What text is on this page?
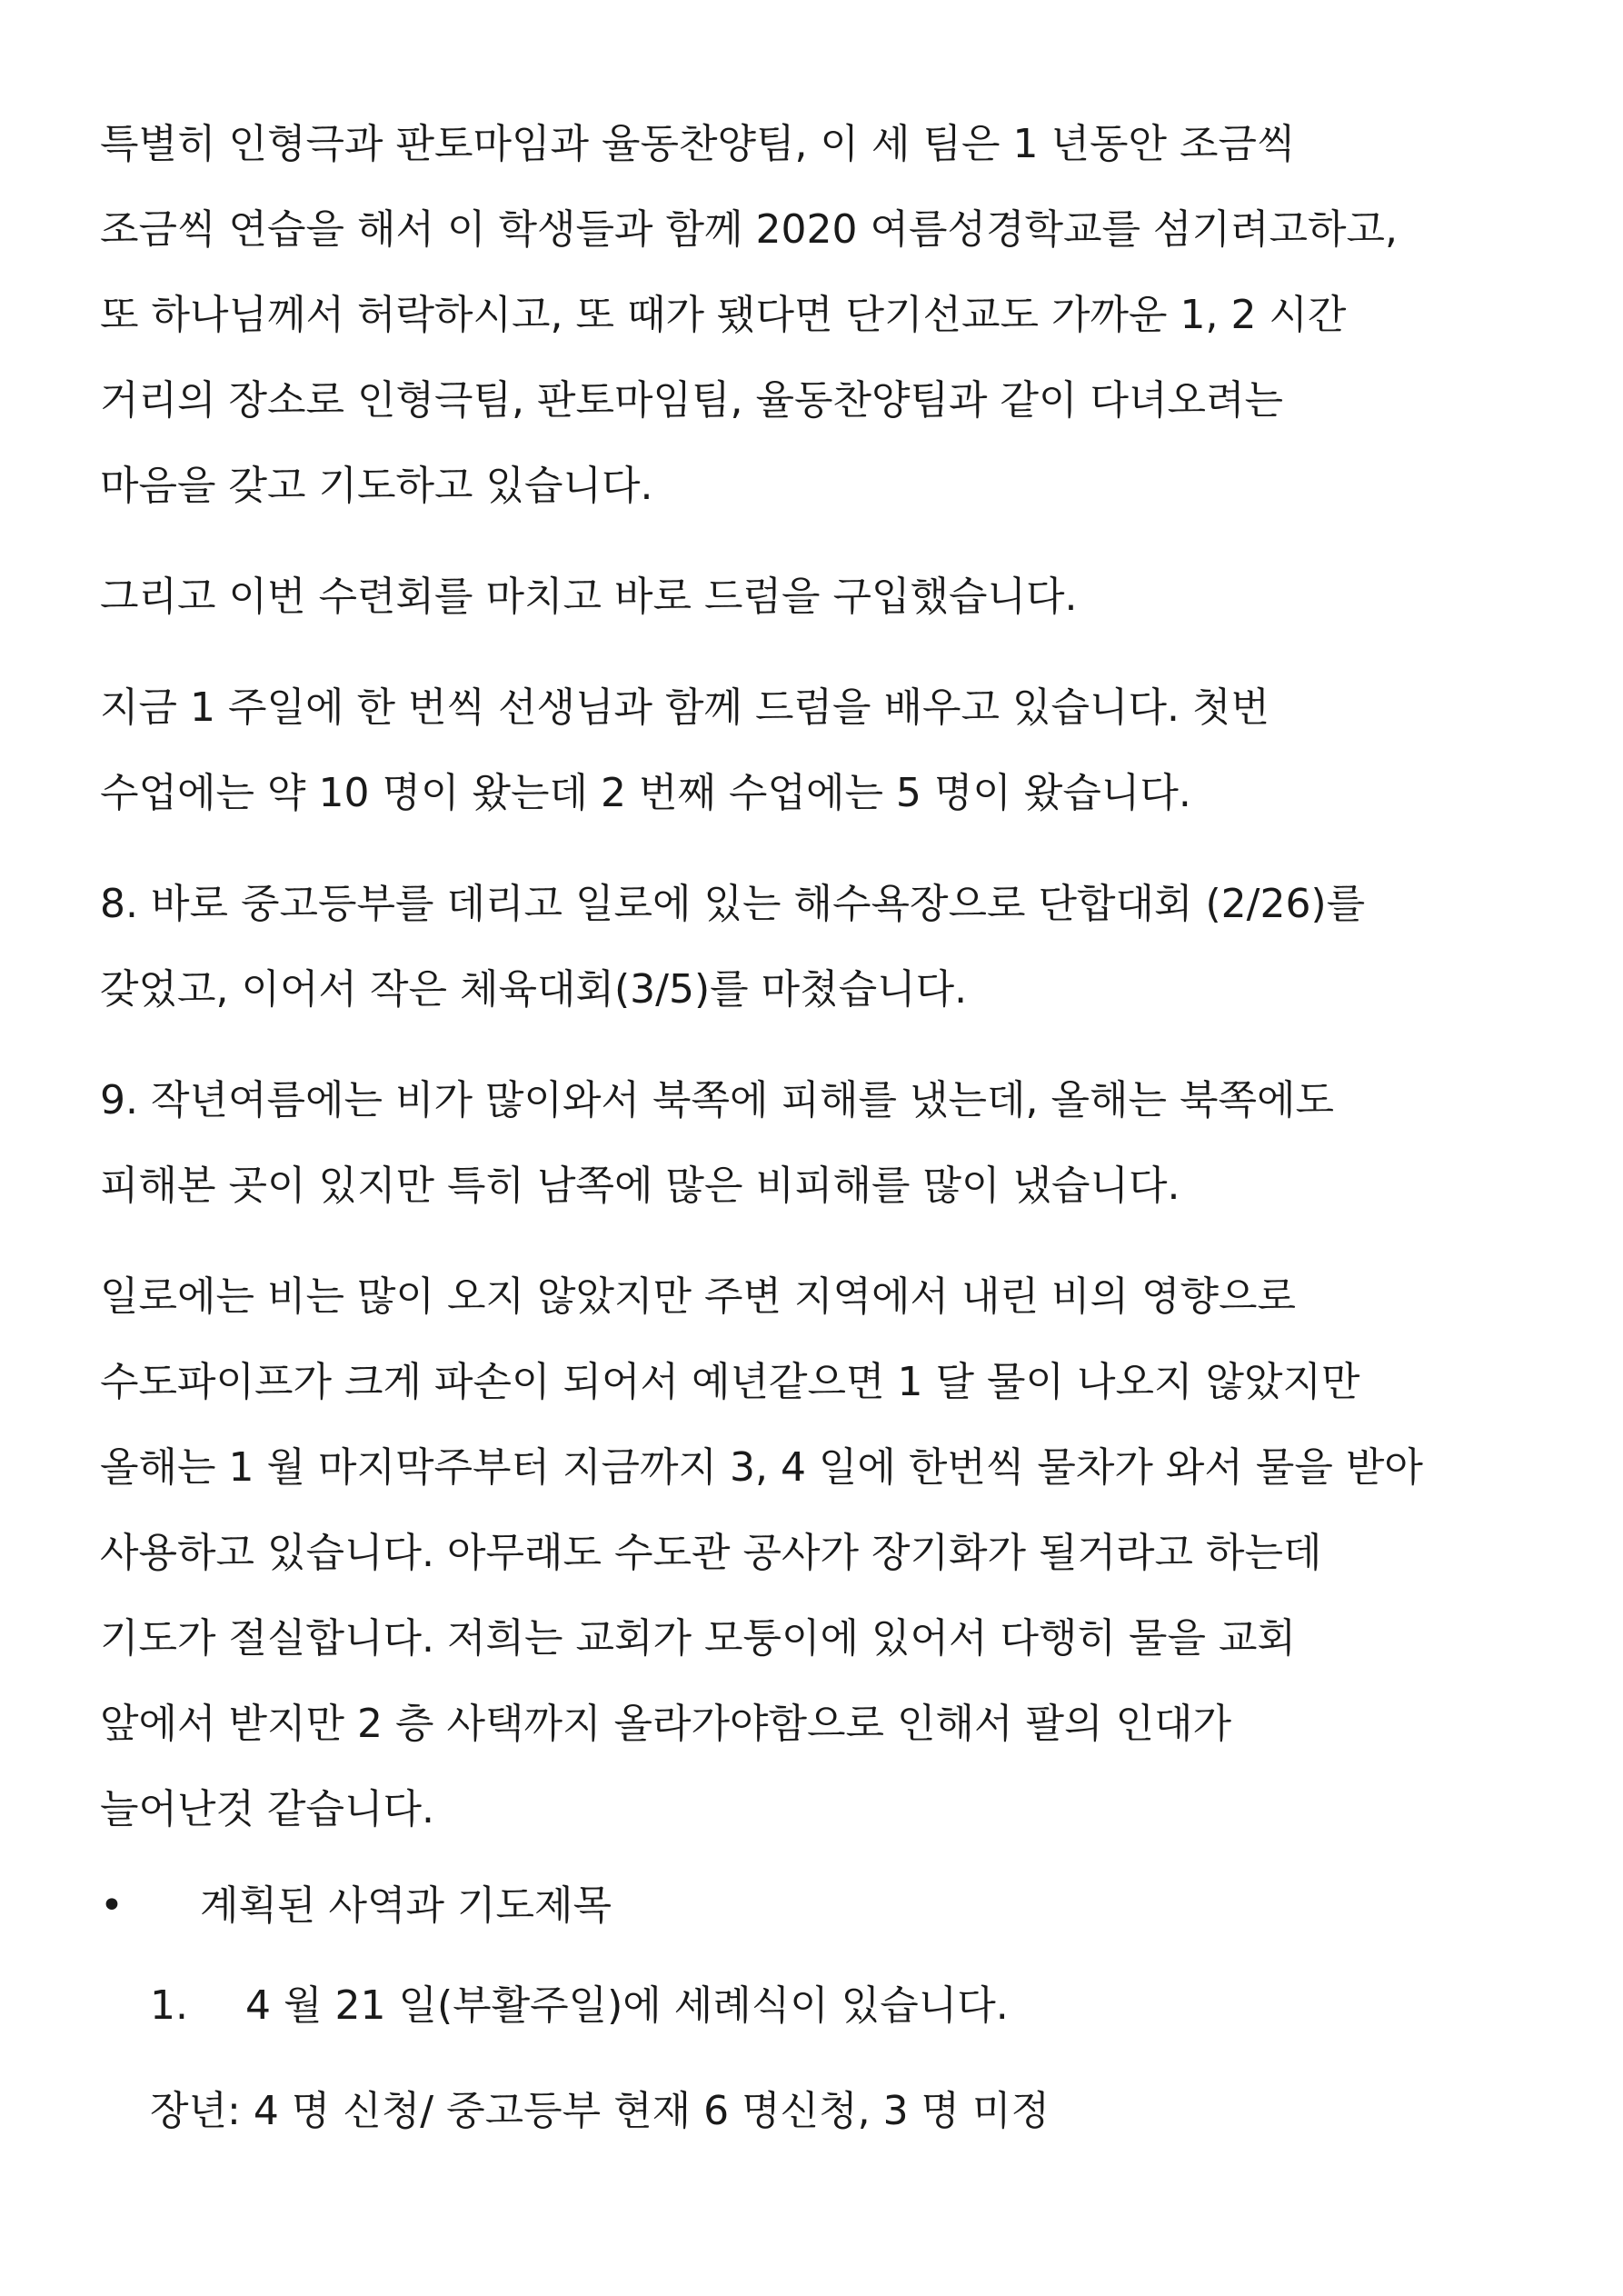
특별히 인형극과 판토마임과 율동찬양팀, 이 세 팀은 1 년동안 조금씩
조금씩 연습을 해서 이 학생들과 함께 2020 여름성경학교를 섬기려고하고,
또 하나님께서 허락하시고, 또 때가 됐다면 단기선교도 가까운 1, 2 시간
거리의 장소로 인형극팀, 판토마임팀, 율동찬양팀과 같이 다녀오려는
마음을 갖고 기도하고 있습니다.
그리고 이번 수련회를 마치고 바로 드럼을 구입했습니다.
지금 1 주일에 한 번씩 선생님과 함께 드럼을 배우고 있습니다. 첫번
수업에는 약 10 명이 왔는데 2 번째 수업에는 5 명이 왔습니다.
8. 바로 중고등부를 데리고 일로에 있는 해수욕장으로 단합대회 (2/26)를
갖었고, 이어서 작은 체육대회(3/5)를 마쳤습니다.
9. 작년여름에는 비가 많이와서 북쪽에 피해를 냈는데, 올해는 북쪽에도
피해본 곳이 있지만 특히 남쪽에 많은 비피해를 많이 냈습니다.
일로에는 비는 많이 오지 않았지만 주변 지역에서 내린 비의 영향으로
수도파이프가 크게 파손이 되어서 예년같으면 1 달 물이 나오지 않았지만
올해는 1 월 마지막주부터 지금까지 3, 4 일에 한번씩 물차가 와서 물을 받아
사용하고 있습니다. 아무래도 수도관 공사가 장기화가 될거라고 하는데
기도가 절실합니다. 저희는 교회가 모퉁이에 있어서 다행히 물을 교회
앞에서 받지만 2 층 사택까지 올라가야함으로 인해서 팔의 인대가
늘어난것 같습니다.
• 계획된 사역과 기도제목
1. 4 월 21 일(부활주일)에 세례식이 있습니다.
장년: 4 명 신청/ 중고등부 현재 6 명신청, 3 명 미정
